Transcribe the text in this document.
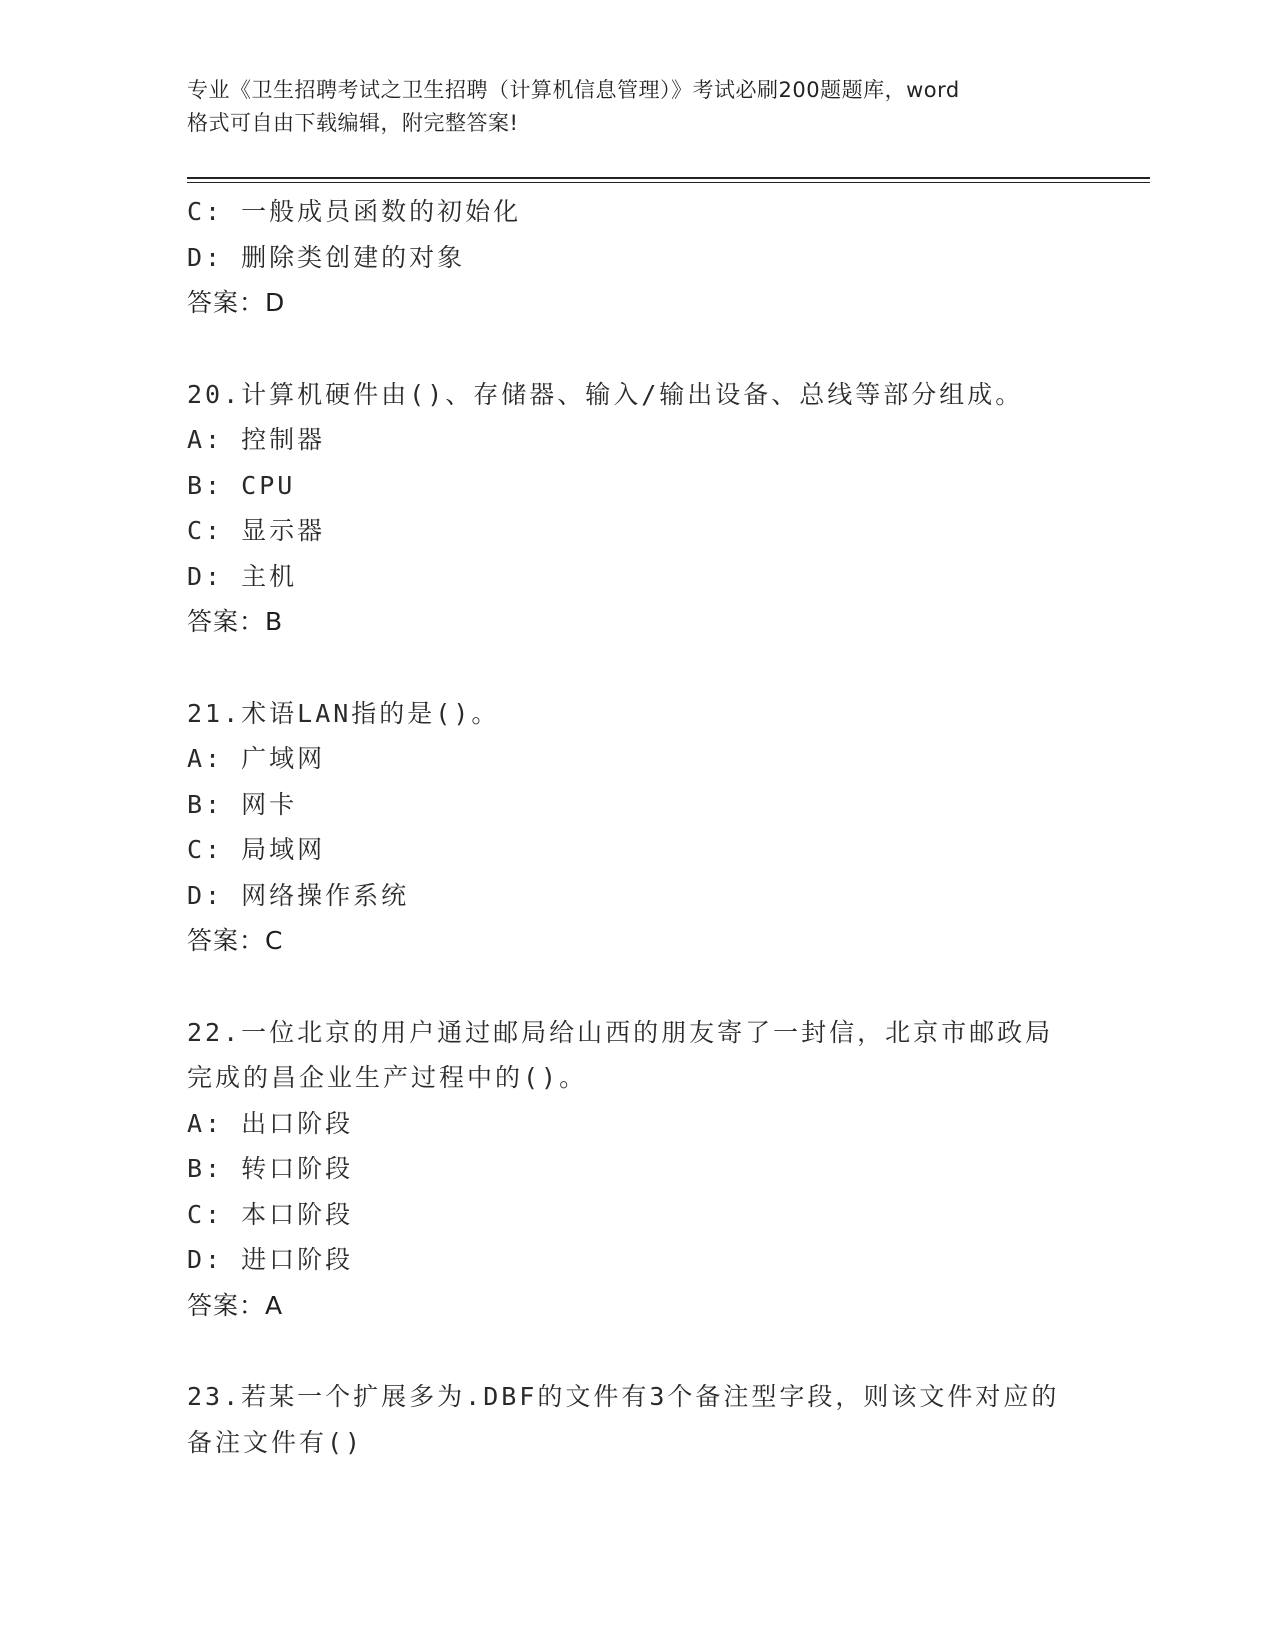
专业《卫生招聘考试之卫生招聘（计算机信息管理）》考试必刷200题题库，word
格式可自由下载编辑，附完整答案!
C: 一般成员函数的初始化
D: 删除类创建的对象
答案：D
20.计算机硬件由()、存储器、输入/输出设备、总线等部分组成。
A: 控制器
B: CPU
C: 显示器
D: 主机
答案：B
21.术语LAN指的是()。
A: 广域网
B: 网卡
C: 局域网
D: 网络操作系统
答案：C
22.一位北京的用户通过邮局给山西的朋友寄了一封信，北京市邮政局
完成的昌企业生产过程中的()。
A: 出口阶段
B: 转口阶段
C: 本口阶段
D: 进口阶段
答案：A
23.若某一个扩展多为.DBF的文件有3个备注型字段，则该文件对应的
备注文件有()
